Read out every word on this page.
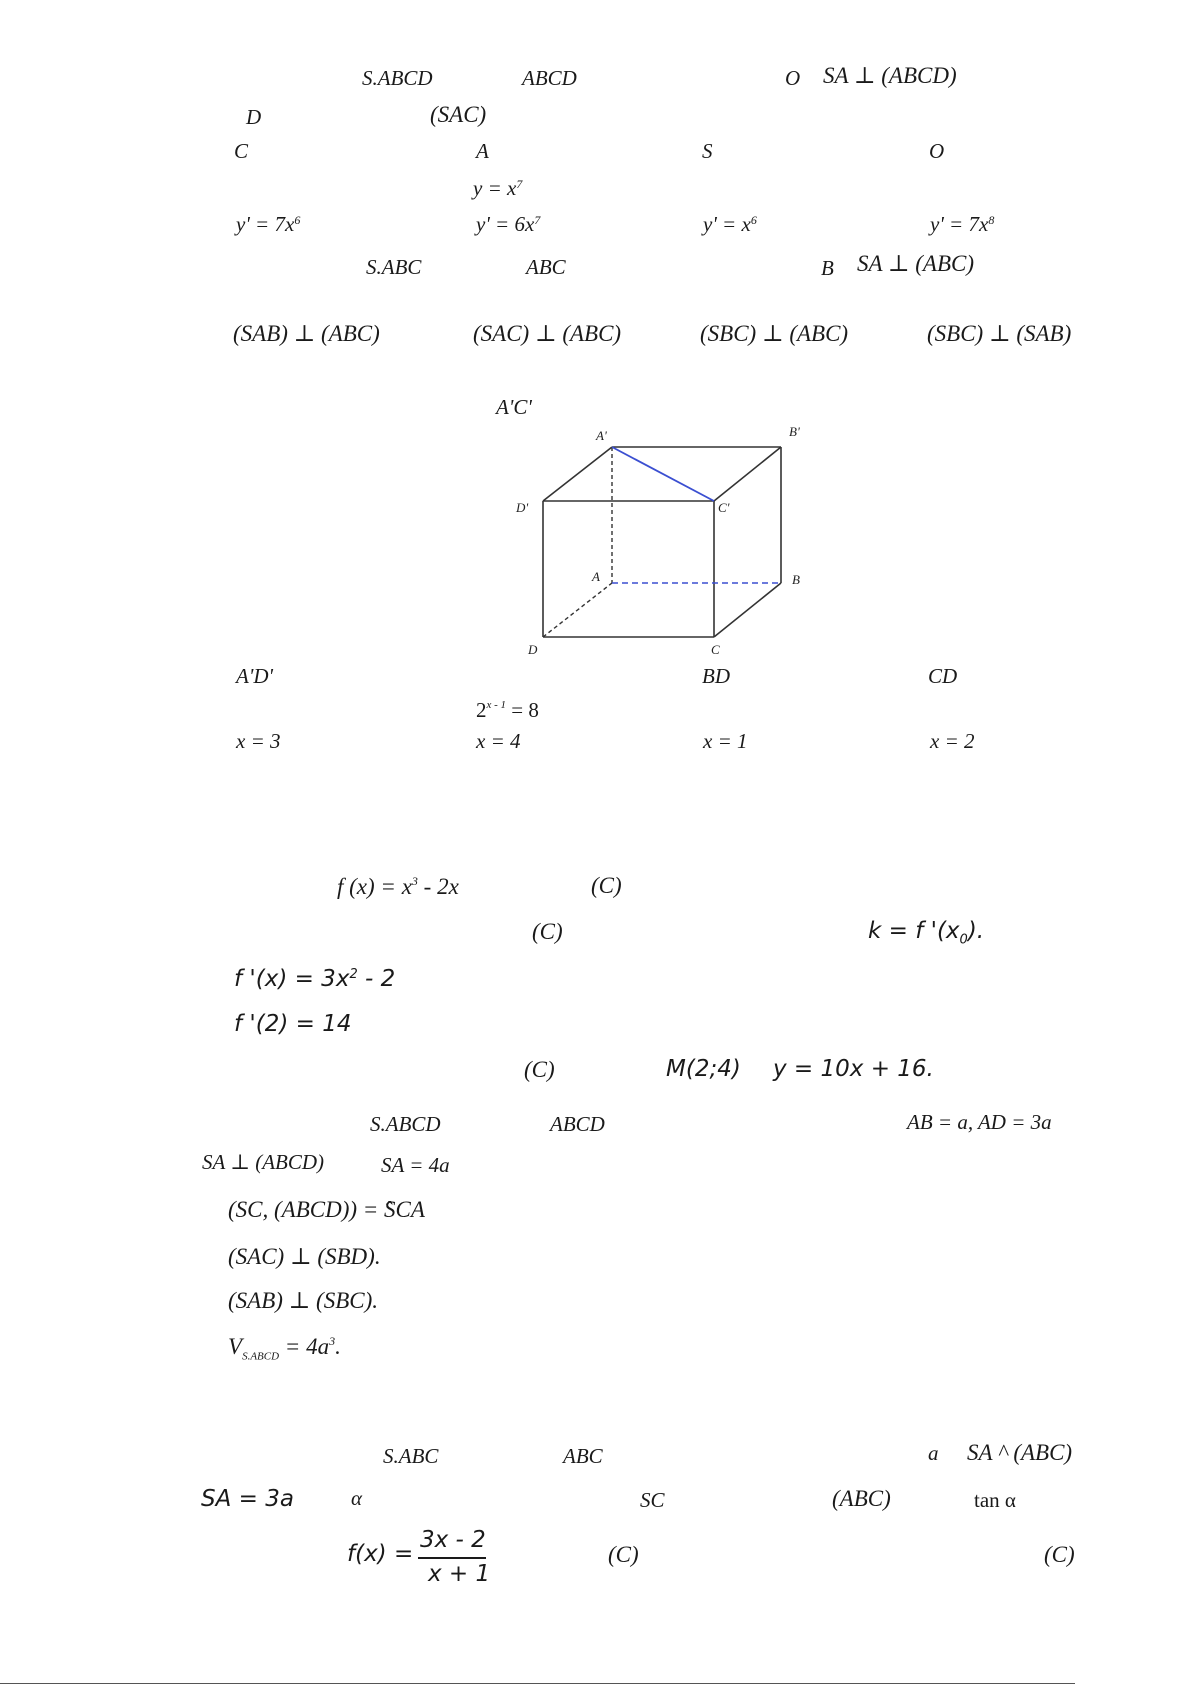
S.ABCD	ABCD	O SA ⊥ (ABCD)
D	(SAC)
C	A	S	O
$y = x^7$
$y' = 7x^6$	$y' = 6x^7$	$y' = x^6$	$y' = 7x^8$
S.ABC	ABC	B SA ⊥ (ABC)
(SAB) ⊥ (ABC)	(SAC) ⊥ (ABC)	(SBC) ⊥ (ABC)	(SBC) ⊥ (SAB)
A'C'
A'	B'
C'
D'
A	B
C
D
A'D'	BD	CD
$2^{x - 1} = 8$
x = 3	x = 4	x = 1	x = 2
f $(x) = x^3 - 2x$	(C)
(C)	k = f '$(x_0)$.
f '$(x) = 3x^2 - 2$
f '(2) = 14
(C)	M(2;4) y = 10x + 16.
S.ABCD	ABCD	AB = a, AD = 3a
SA ⊥ (ABCD)	SA = 4a
(SC, (ABCD)) = ̂SCA
(SAC) ⊥ (SBD).
(SAB) ⊥ (SBC).
$V_{S.ABCD} = 4a^3$.
S.ABC	ABC	a SA ^ (ABC)
SA = 3a	α	SC	(ABC)	tan α
f(x) =
3x - 2
x + 1
(C)	(C)
